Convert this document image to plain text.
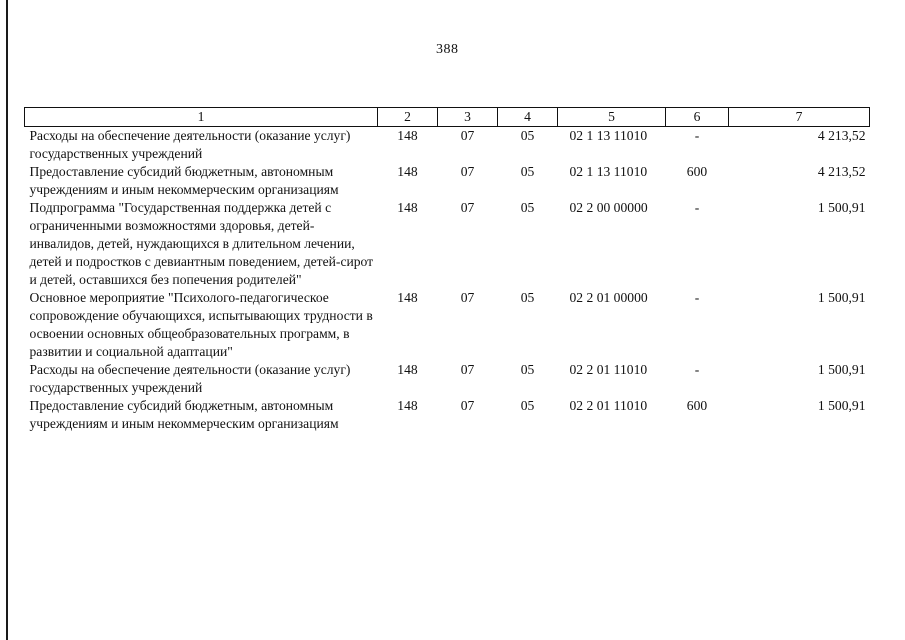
388
1	2	3	4	5	6	7
Расходы на обеспечение деятельности (оказание услуг) государственных учреждений	148	07	05	02 1 13 11010	-	4 213,52
Предоставление субсидий бюджетным, автономным учреждениям и иным некоммерческим организациям	148	07	05	02 1 13 11010	600	4 213,52
Подпрограмма "Государственная поддержка детей с ограниченными возможностями здоровья, детей-инвалидов, детей, нуждающихся в длительном лечении, детей и подростков с девиантным поведением, детей-сирот и детей, оставшихся без попечения родителей"	148	07	05	02 2 00 00000	-	1 500,91
Основное мероприятие "Психолого-педагогическое сопровождение обучающихся, испытывающих трудности в освоении основных общеобразовательных программ, в развитии и социальной адаптации"	148	07	05	02 2 01 00000	-	1 500,91
Расходы на обеспечение деятельности (оказание услуг) государственных учреждений	148	07	05	02 2 01 11010	-	1 500,91
Предоставление субсидий бюджетным, автономным учреждениям и иным некоммерческим организациям	148	07	05	02 2 01 11010	600	1 500,91
